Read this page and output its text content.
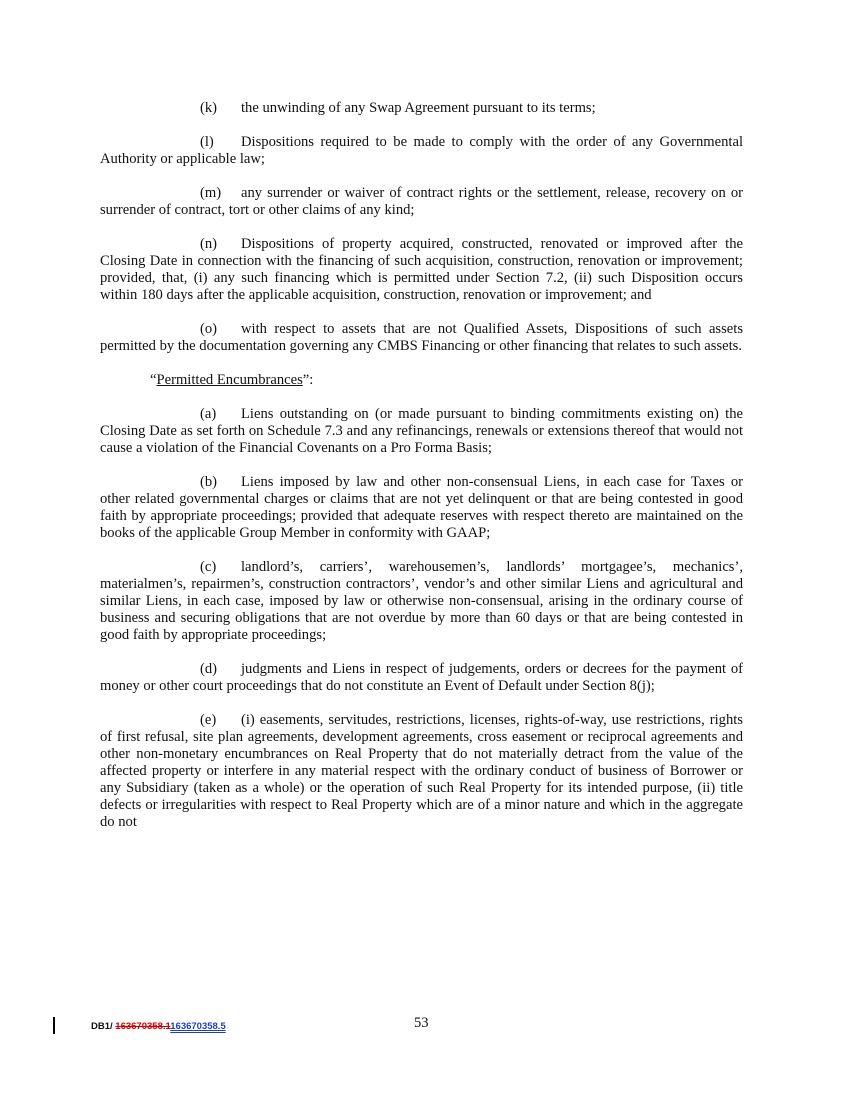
(k) the unwinding of any Swap Agreement pursuant to its terms;

(l) Dispositions required to be made to comply with the order of any Governmental Authority or applicable law;

(m) any surrender or waiver of contract rights or the settlement, release, recovery on or surrender of contract, tort or other claims of any kind;

(n) Dispositions of property acquired, constructed, renovated or improved after the Closing Date in connection with the financing of such acquisition, construction, renovation or improvement; provided, that, (i) any such financing which is permitted under Section 7.2, (ii) such Disposition occurs within 180 days after the applicable acquisition, construction, renovation or improvement; and

(o) with respect to assets that are not Qualified Assets, Dispositions of such assets permitted by the documentation governing any CMBS Financing or other financing that relates to such assets.

“Permitted Encumbrances”:

(a) Liens outstanding on (or made pursuant to binding commitments existing on) the Closing Date as set forth on Schedule 7.3 and any refinancings, renewals or extensions thereof that would not cause a violation of the Financial Covenants on a Pro Forma Basis;

(b) Liens imposed by law and other non-consensual Liens, in each case for Taxes or other related governmental charges or claims that are not yet delinquent or that are being contested in good faith by appropriate proceedings; provided that adequate reserves with respect thereto are maintained on the books of the applicable Group Member in conformity with GAAP;

(c) landlord’s, carriers’, warehousemen’s, landlords’ mortgagee’s, mechanics’, materialmen’s, repairmen’s, construction contractors’, vendor’s and other similar Liens and agricultural and similar Liens, in each case, imposed by law or otherwise non-consensual, arising in the ordinary course of business and securing obligations that are not overdue by more than 60 days or that are being contested in good faith by appropriate proceedings;

(d) judgments and Liens in respect of judgements, orders or decrees for the payment of money or other court proceedings that do not constitute an Event of Default under Section 8(j);

(e) (i) easements, servitudes, restrictions, licenses, rights-of-way, use restrictions, rights of first refusal, site plan agreements, development agreements, cross easement or reciprocal agreements and other non-monetary encumbrances on Real Property that do not materially detract from the value of the affected property or interfere in any material respect with the ordinary conduct of business of Borrower or any Subsidiary (taken as a whole) or the operation of such Real Property for its intended purpose, (ii) title defects or irregularities with respect to Real Property which are of a minor nature and which in the aggregate do not

DB1/ 163670358.1163670358.5	53
